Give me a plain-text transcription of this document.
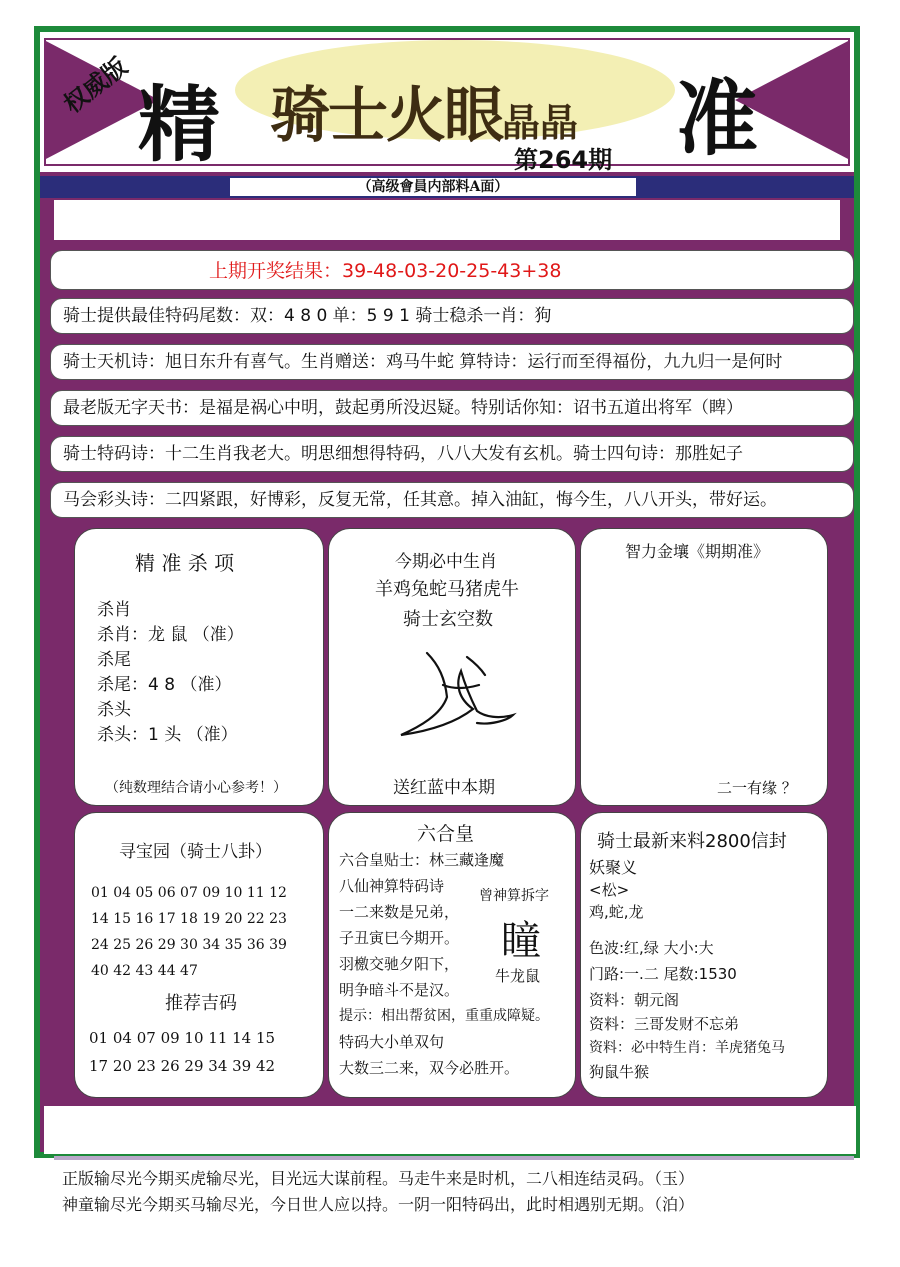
权威版 精 骑士火眼晶晶 准
第264期
（高级會員内部料A面）
上期开奖结果：39-48-03-20-25-43+38
骑士提供最佳特码尾数：双：4 8 0 单：5 9 1 骑士稳杀一肖：狗
骑士天机诗：旭日东升有喜气。生肖赠送：鸡马牛蛇 算特诗：运行而至得福份，九九归一是何时
最老版无字天书：是福是祸心中明，鼓起勇所没迟疑。特别话你知：诏书五道出将军（睥）
骑士特码诗：十二生肖我老大。明思细想得特码，八八大发有玄机。骑士四句诗：那胜妃子
马会彩头诗：二四紧跟，好博彩，反复无常，任其意。掉入油缸，悔今生，八八开头，带好运。
精 准 杀 项
杀肖
杀肖：龙 鼠 （准）
杀尾
杀尾：4 8 （准）
杀头
杀头：1 头 （准）
（纯数理结合请小心参考！）
今期必中生肖
羊鸡兔蛇马猪虎牛
骑士玄空数
送红蓝中本期
智力金壤《期期准》
二一有缘 ？
寻宝园（骑士八卦）
01 04 05 06 07 09 10 11 12
14 15 16 17 18 19 20 22 23
24 25 26 29 30 34 35 36 39
40 42 43 44 47
推荐吉码
01 04 07 09 10 11 14 15
17 20 23 26 29 34 39 42
六合皇
六合皇贴士：林三藏逢魔
八仙神算特码诗
一二来数是兄弟，
子丑寅巳今期开。
羽檄交驰夕阳下，
明争暗斗不是汉。
提示：相出帮贫困，重重成障疑。
特码大小单双句
大数三二来，双今必胜开。
曾神算拆字
瞳
牛龙鼠
骑士最新来料2800信封
妖聚义
<松>
鸡,蛇,龙
色波:红,绿 大小:大
门路:一.二 尾数:1530
资料：朝元阁
资料：三哥发财不忘弟
资料：必中特生肖：羊虎猪兔马
狗鼠牛猴
正版输尽光今期买虎输尽光，目光远大谋前程。马走牛来是时机，二八相连结灵码。（玉）
神童输尽光今期买马输尽光，今日世人应以持。一阴一阳特码出，此时相遇别无期。（泊）
